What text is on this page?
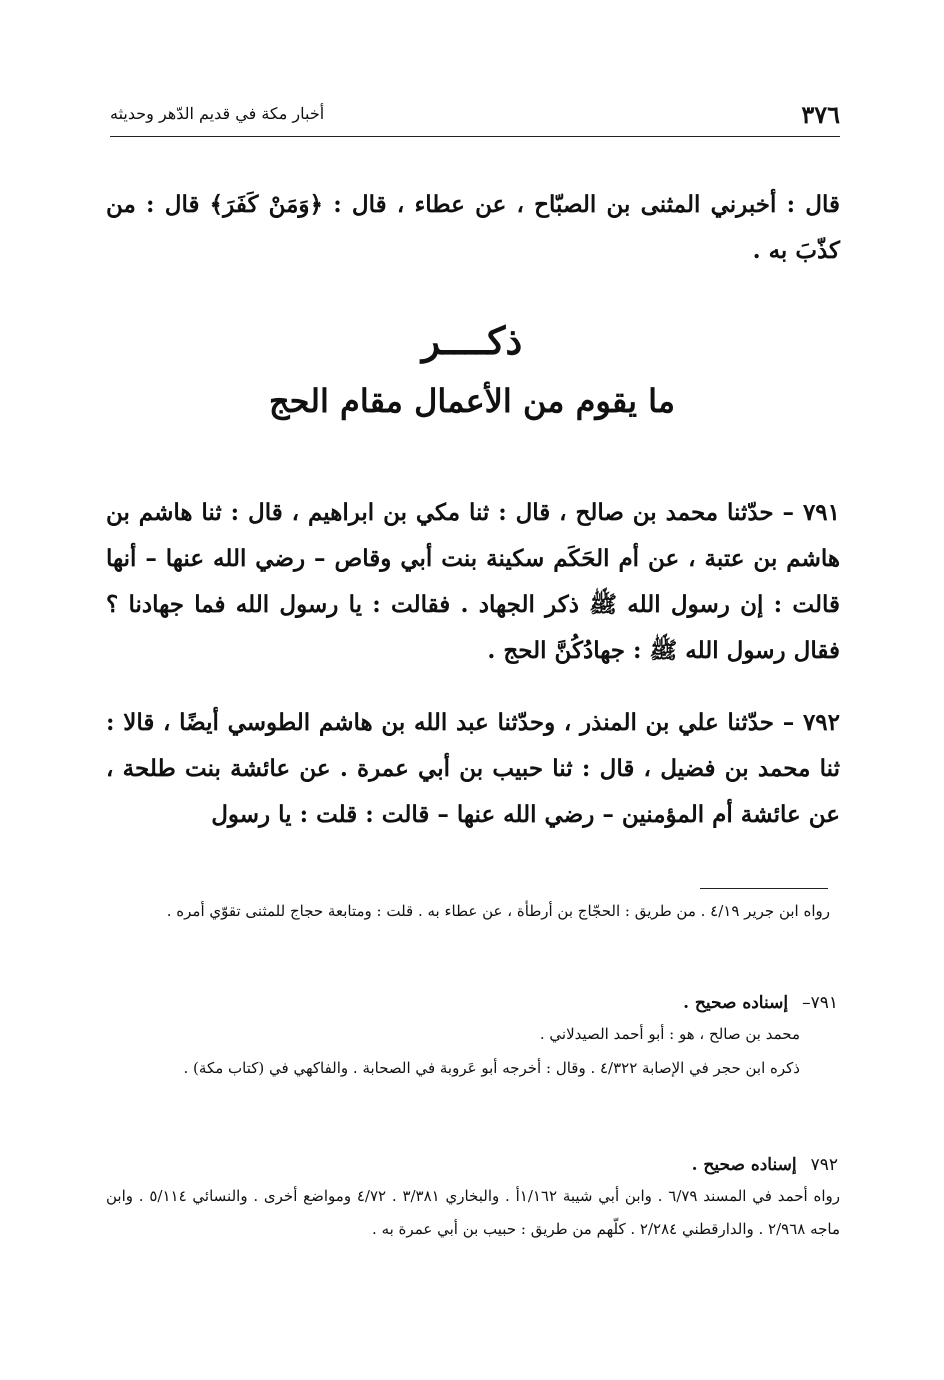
٣٧٦
أخبار مكة في قديم الدّهر وحديثه

قال : أخبرني المثنى بن الصبّاح ، عن عطاء ، قال : ﴿وَمَنْ كَفَرَ﴾ قال : من كذّبَ به .

ذكــــر
ما يقوم من الأعمال مقام الحج

٧٩١ – حدّثنا محمد بن صالح ، قال : ثنا مكي بن ابراهيم ، قال : ثنا هاشم بن هاشم بن عتبة ، عن أم الحَكَم سكينة بنت أبي وقاص – رضي الله عنها – أنها قالت : إن رسول الله ﷺ ذكر الجهاد . فقالت : يا رسول الله فما جهادنا ؟ فقال رسول الله ﷺ : جهادُكُنَّ الحج .

٧٩٢ – حدّثنا علي بن المنذر ، وحدّثنا عبد الله بن هاشم الطوسي أيضًا ، قالا : ثنا محمد بن فضيل ، قال : ثنا حبيب بن أبي عمرة . عن عائشة بنت طلحة ، عن عائشة أم المؤمنين – رضي الله عنها – قالت : قلت : يا رسول

رواه ابن جرير ٤/١٩ . من طريق : الحجّاج بن أرطأة ، عن عطاء به . قلت : ومتابعة حجاج للمثنى تقوّي أمره .

٧٩١–إسناده صحيح .

محمد بن صالح ، هو : أبو أحمد الصيدلاني .

ذكره ابن حجر في الإصابة ٤/٣٢٢ . وقال : أخرجه أبو عَروبة في الصحابة . والفاكهي في (كتاب مكة) .

٧٩٢إسناده صحيح .

رواه أحمد في المسند ٦/٧٩ . وابن أبي شيبة ١/١٦٢أ . والبخاري ٣/٣٨١ . ٤/٧٢ ومواضع أخرى . والنسائي ٥/١١٤ . وابن ماجه ٢/٩٦٨ . والدارقطني ٢/٢٨٤ . كلّهم من طريق : حبيب بن أبي عمرة به .
